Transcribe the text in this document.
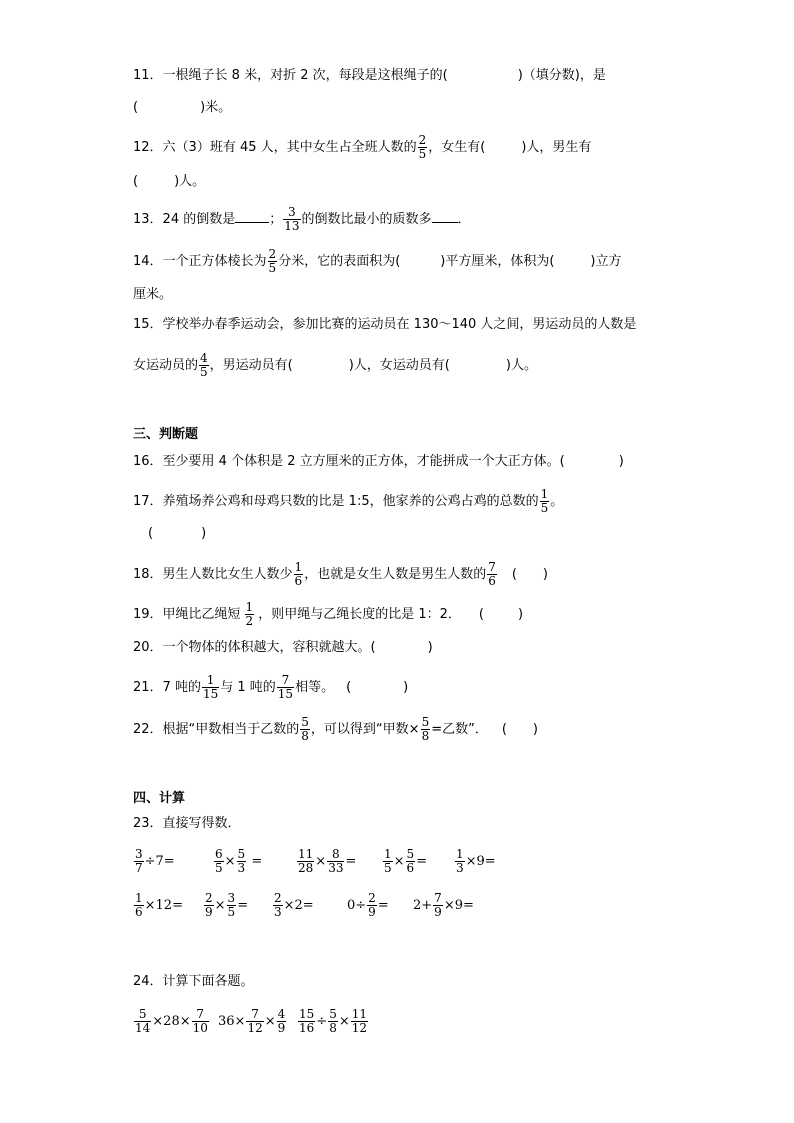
11．一根绳子长 8 米，对折 2 次，每段是这根绳子的(	)（填分数)，是
(	)米。
12．六（3）班有 45 人，其中女生占全班人数的 $\frac{2}{5}$ ，女生有(	)人，男生有
(	)人。
13．24 的倒数是	； $\frac{3}{13}$ 的倒数比最小的质数多 ．
14．一个正方体棱长为 $\frac{2}{5}$ 分米，它的表面积为(	)平方厘米，体积为(	)立方
厘米。
15．学校举办春季运动会，参加比赛的运动员在 130～140 人之间，男运动员的人数是
女运动员的 $\frac{4}{5}$ ，男运动员有(	)人，女运动员有(	)人。
三、判断题
16．至少要用 4 个体积是 2 立方厘米的正方体，才能拼成一个大正方体。(	)
17．养殖场养公鸡和母鸡只数的比是 1:5，他家养的公鸡占鸡的总数的 $\frac{1}{5}$ 。
(	)
18．男生人数比女生人数少 $\frac{1}{6}$ ，也就是女生人数是男生人数的 $\frac{7}{6}$ ( )
19．甲绳比乙绳短 $\frac{1}{2}$ ，则甲绳与乙绳长度的比是 1：2． (	)
20．一个物体的体积越大，容积就越大。(	)
21．7 吨的 $\frac{1}{15}$ 与 1 吨的 $\frac{7}{15}$ 相等。 (	)
22．根据“甲数相当于乙数的 $\frac{5}{8}$ ，可以得到“甲数× $\frac{5}{8}$ =乙数”． ( )
四、计算
23．直接写得数．
$\frac{3}{7} \div 7=$	$\frac{6}{5} \times \frac{5}{3}$ =	$\frac{11}{28} \times \frac{8}{33} = \frac{1}{5} \times \frac{5}{6} = \frac{1}{3} \times 9=$
$\frac{1}{6} \times 12= \frac{2}{9} \times \frac{3}{5} = \frac{2}{3} \times 2=$	$0\div \frac{2}{9} = 2+ \frac{7}{9} \times 9=$
24．计算下面各题。
$\frac{5}{14} \times 28\times \frac{7}{10} 36\times \frac{7}{12} \times \frac{4}{9} \frac{15}{16} \div \frac{5}{8} \times \frac{11}{12}$
